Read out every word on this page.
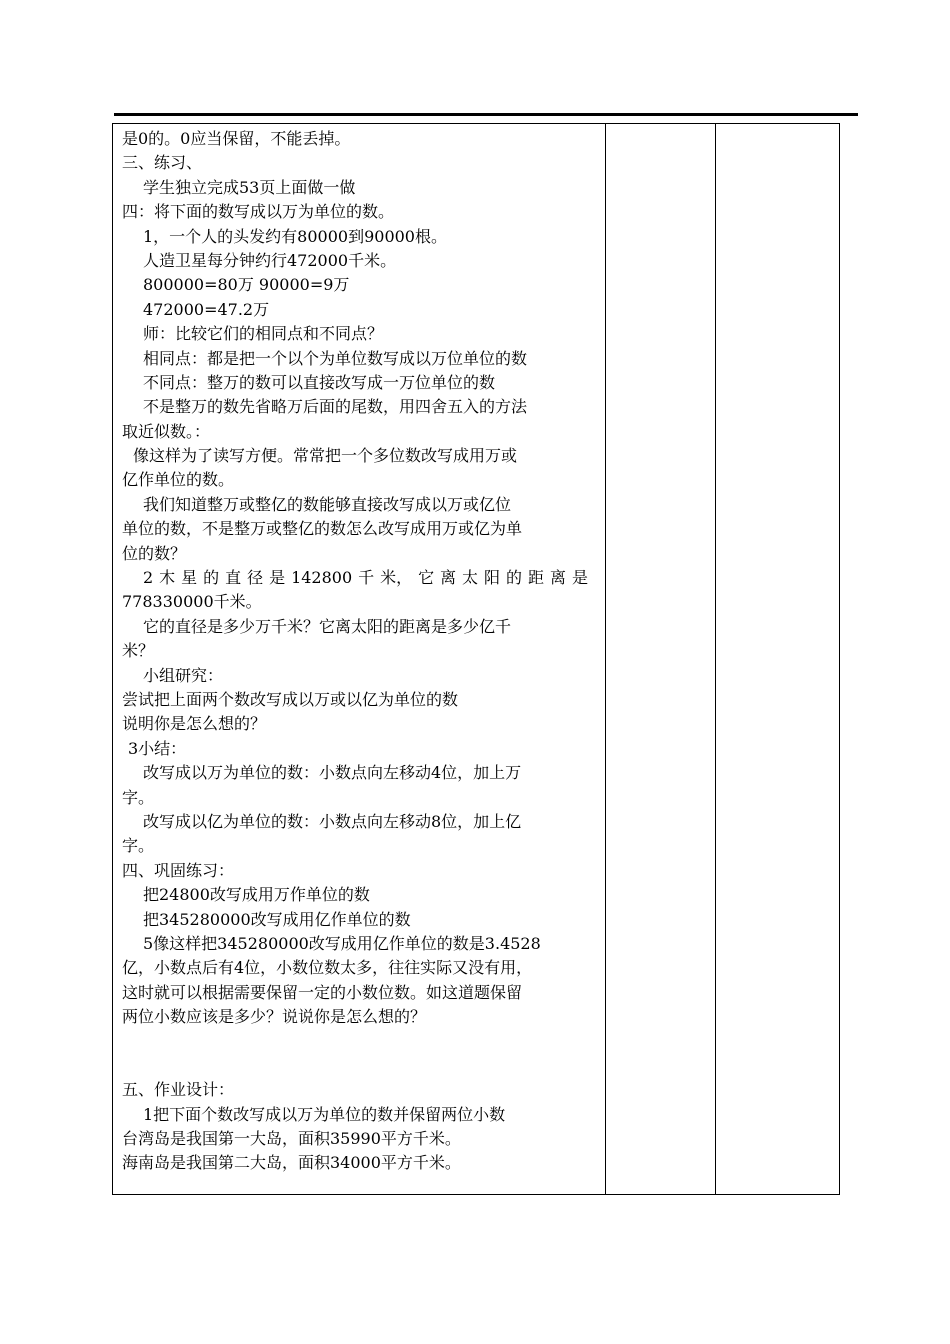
是0的。0应当保留，不能丢掉。
三、练习、
学生独立完成53页上面做一做
四：将下面的数写成以万为单位的数。
1，一个人的头发约有80000到90000根。
人造卫星每分钟约行472000千米。
800000=80万 90000=9万
472000=47.2万
师：比较它们的相同点和不同点？
相同点：都是把一个以个为单位数写成以万位单位的数
不同点：整万的数可以直接改写成一万位单位的数
不是整万的数先省略万后面的尾数，用四舍五入的方法
取近似数。：
像这样为了读写方便。常常把一个多位数改写成用万或
亿作单位的数。
我们知道整万或整亿的数能够直接改写成以万或亿位
单位的数，不是整万或整亿的数怎么改写成用万或亿为单
位的数？
2 木 星 的 直 径 是 142800 千 米， 它 离 太 阳 的 距 离 是
778330000千米。
它的直径是多少万千米？它离太阳的距离是多少亿千
米？
小组研究：
尝试把上面两个数改写成以万或以亿为单位的数
说明你是怎么想的？
3小结：
改写成以万为单位的数：小数点向左移动4位，加上万
字。
改写成以亿为单位的数：小数点向左移动8位，加上亿
字。
四、巩固练习：
把24800改写成用万作单位的数
把345280000改写成用亿作单位的数
5像这样把345280000改写成用亿作单位的数是3.4528
亿，小数点后有4位，小数位数太多，往往实际又没有用，
这时就可以根据需要保留一定的小数位数。如这道题保留
两位小数应该是多少？说说你是怎么想的？
五、作业设计：
1把下面个数改写成以万为单位的数并保留两位小数
台湾岛是我国第一大岛，面积35990平方千米。
海南岛是我国第二大岛，面积34000平方千米。
